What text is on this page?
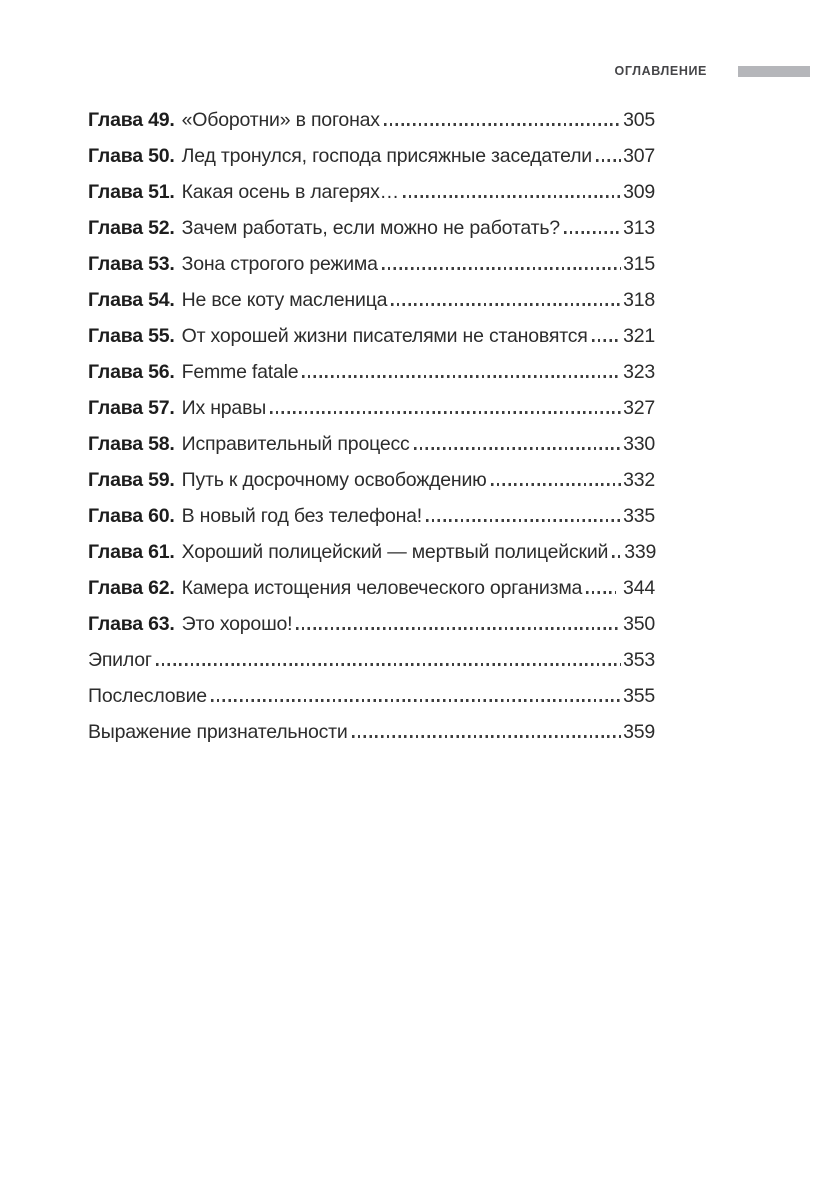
ОГЛАВЛЕНИЕ
Глава 49. «Оборотни» в погонах	305
Глава 50. Лед тронулся, господа присяжные заседатели 307
Глава 51. Какая осень в лагерях…	309
Глава 52. Зачем работать, если можно не работать?	313
Глава 53. Зона строгого режима	315
Глава 54. Не все коту масленица	318
Глава 55. От хорошей жизни писателями не становятся 321
Глава 56. Femme fatale	323
Глава 57. Их нравы	327
Глава 58. Исправительный процесс	330
Глава 59. Путь к досрочному освобождению	332
Глава 60. В новый год без телефона!	335
Глава 61. Хороший полицейский — мертвый полицейский 339
Глава 62. Камера истощения человеческого организма 344
Глава 63. Это хорошо!	350
Эпилог	353
Послесловие	355
Выражение признательности	359
